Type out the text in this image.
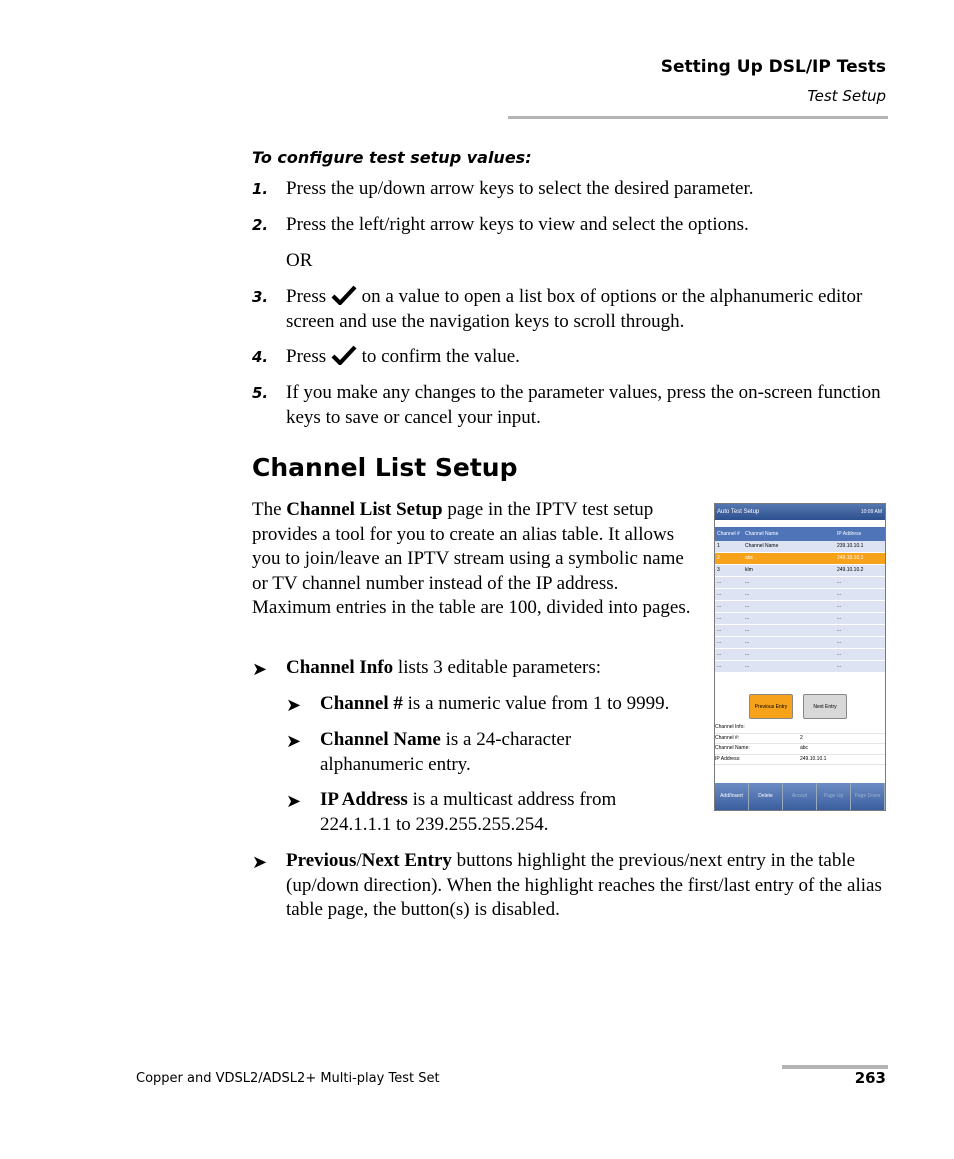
Setting Up DSL/IP Tests
Test Setup
To configure test setup values:
1. Press the up/down arrow keys to select the desired parameter.
2. Press the left/right arrow keys to view and select the options.
OR
3. Press on a value to open a list box of options or the alphanumeric editor screen and use the navigation keys to scroll through.
4. Press to confirm the value.
5. If you make any changes to the parameter values, press the on-screen function keys to save or cancel your input.
Channel List Setup
The Channel List Setup page in the IPTV test setup provides a tool for you to create an alias table. It allows you to join/leave an IPTV stream using a symbolic name or TV channel number instead of the IP address. Maximum entries in the table are 100, divided into pages.
➤ Channel Info lists 3 editable parameters:
➤ Channel # is a numeric value from 1 to 9999.
➤ Channel Name is a 24-character alphanumeric entry.
➤ IP Address is a multicast address from 224.1.1.1 to 239.255.255.254.
➤ Previous/Next Entry buttons highlight the previous/next entry in the table (up/down direction). When the highlight reaches the first/last entry of the alias table page, the button(s) is disabled.
Auto Test Setup	10:09 AM
Channel # Channel Name	IP Address
1	Channel Name	239.10.10.1
2	abc	249.10.10.1
3	klm	249.10.10.2
...	...	...
...	...	...
...	...	...
...	...	...
...	...	...
...	...	...
...	...	...
...	...	...
Previous Entry	Next Entry
Channel Info:
Channel #:	2
Channel Name:	abc
IP Address:	249.10.10.1
Add/Insert	Delete	Accept	Page Up	Page Down
Copper and VDSL2/ADSL2+ Multi-play Test Set	263
